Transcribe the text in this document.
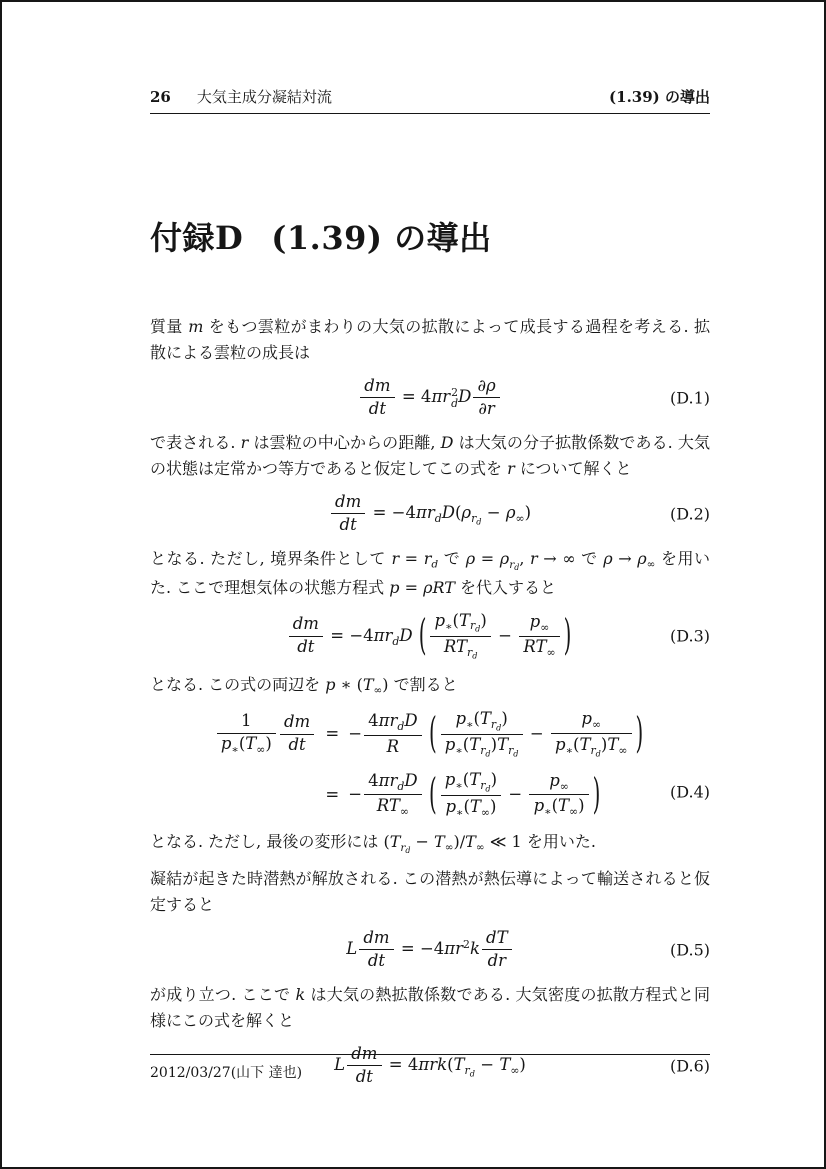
26 大気主成分凝結対流	(1.39) の導出
付録D (1.39) の導出

質量 m をもつ雲粒がまわりの大気の拡散によって成長する過程を考える. 拡散による雲粒の成長は

$\frac{dm}{dt} = 4\pi r$ 2
d D $\frac{\partial\rho}{\partial r}$	(D.1)

で表される. r は雲粒の中心からの距離, D は大気の分子拡散係数である. 大気の状態は定常かつ等方であると仮定してこの式を r について解くと

$\frac{dm}{dt} = -4\pi r_dD(\rho_{r_d} - \rho_\infty)$	(D.2)

となる. ただし, 境界条件として $r = r_d$ で $\rho = \rho_{r_d}$, r → ∞ で $\rho \to \rho_\infty$ を用いた. ここで理想気体の状態方程式 p = ρRT を代入すると

$\frac{dm}{dt} = -4\pi r_dD$ ( $p_∗(T_{r_d})$
$RT_{r_d}$
− $\frac{p_\infty}{RT_\infty}$ )	(D.3)

となる. この式の両辺を p ∗ $(T_\infty)$ で割ると

$\frac{1}{p_∗(T_\infty)} \frac{dm}{dt}$ = −
$4\pi r_dD$
R	(	$p_∗(T_{r_d})$
$p_∗(T_{r_d})T_{r_d}$
−
$p_\infty$
$p_∗(T_{r_d})T_\infty$ )
= −
$4\pi r_dD$
$RT_\infty$	( $p_∗(T_{r_d})$
$p_∗(T_\infty)$
− $\frac{p_\infty}{p_∗(T_\infty)}$ )	(D.4)

となる. ただし, 最後の変形には $(T_{r_d} - T_\infty)/T_\infty$ ≪ 1 を用いた.

凝結が起きた時潜熱が解放される. この潜熱が熱伝導によって輸送されると仮定すると

L $\frac{dm}{dt} = -4\pi r^2k \frac{dT}{dr}$	(D.5)

が成り立つ. ここで k は大気の熱拡散係数である. 大気密度の拡散方程式と同様にこの式を解くと

L $\frac{dm}{dt} = 4\pi rk(T_{r_d} - T_\infty)$	(D.6)
2012/03/27(山下 達也)
